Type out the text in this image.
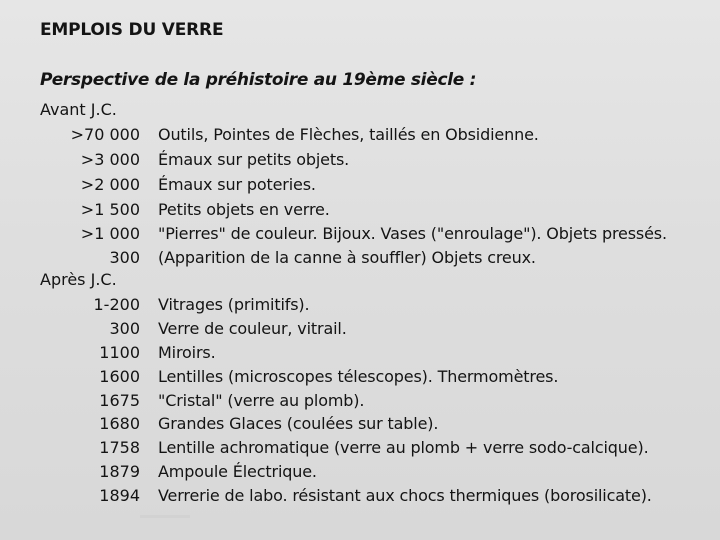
EMPLOIS DU VERRE
Perspective de la préhistoire au 19ème siècle :
Avant J.C.
>70 000 Outils, Pointes de Flèches, taillés en Obsidienne.
>3 000 Émaux sur petits objets.
>2 000 Émaux sur poteries.
>1 500 Petits objets en verre.
>1 000 "Pierres" de couleur. Bijoux. Vases ("enroulage"). Objets pressés.
300 (Apparition de la canne à souffler) Objets creux.
Après J.C.
1-200 Vitrages (primitifs).
300 Verre de couleur, vitrail.
1100 Miroirs.
1600 Lentilles (microscopes télescopes). Thermomètres.
1675 "Cristal" (verre au plomb).
1680 Grandes Glaces (coulées sur table).
1758 Lentille achromatique (verre au plomb + verre sodo-calcique).
1879 Ampoule Électrique.
1894 Verrerie de labo. résistant aux chocs thermiques (borosilicate).
